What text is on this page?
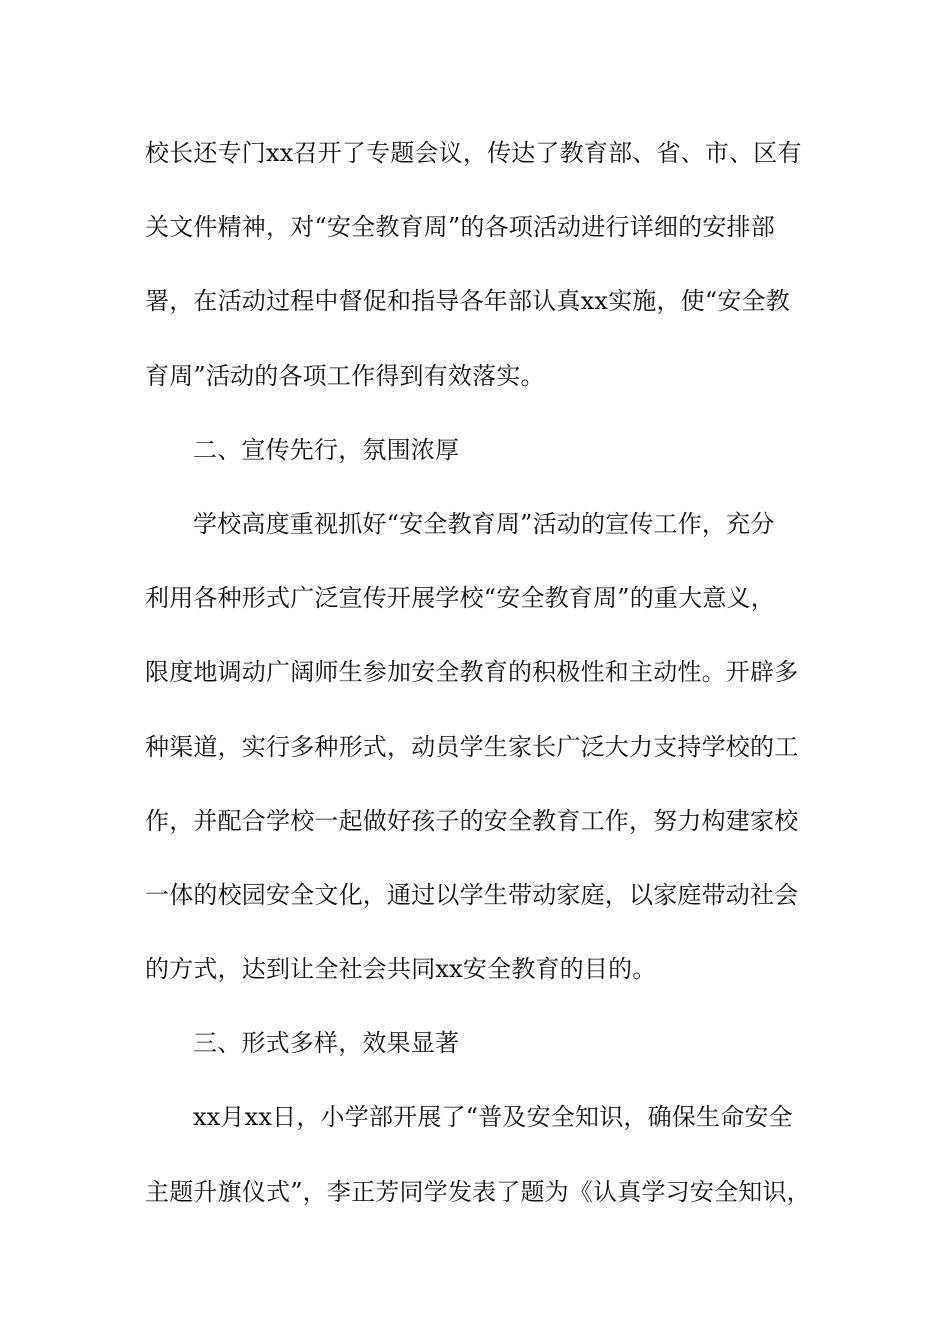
校长还专门xx召开了专题会议，传达了教育部、省、市、区有
关文件精神，对“安全教育周”的各项活动进行详细的安排部
署，在活动过程中督促和指导各年部认真xx实施，使“安全教
育周”活动的各项工作得到有效落实。
二、宣传先行，氛围浓厚
学校高度重视抓好“安全教育周”活动的宣传工作，充分
利用各种形式广泛宣传开展学校“安全教育周”的重大意义，
限度地调动广阔师生参加安全教育的积极性和主动性。开辟多
种渠道，实行多种形式，动员学生家长广泛大力支持学校的工
作，并配合学校一起做好孩子的安全教育工作，努力构建家校
一体的校园安全文化，通过以学生带动家庭，以家庭带动社会
的方式，达到让全社会共同xx安全教育的目的。
三、形式多样，效果显著
xx月xx日，小学部开展了“普及安全知识，确保生命安全
主题升旗仪式”，李正芳同学发表了题为《认真学习安全知识，
